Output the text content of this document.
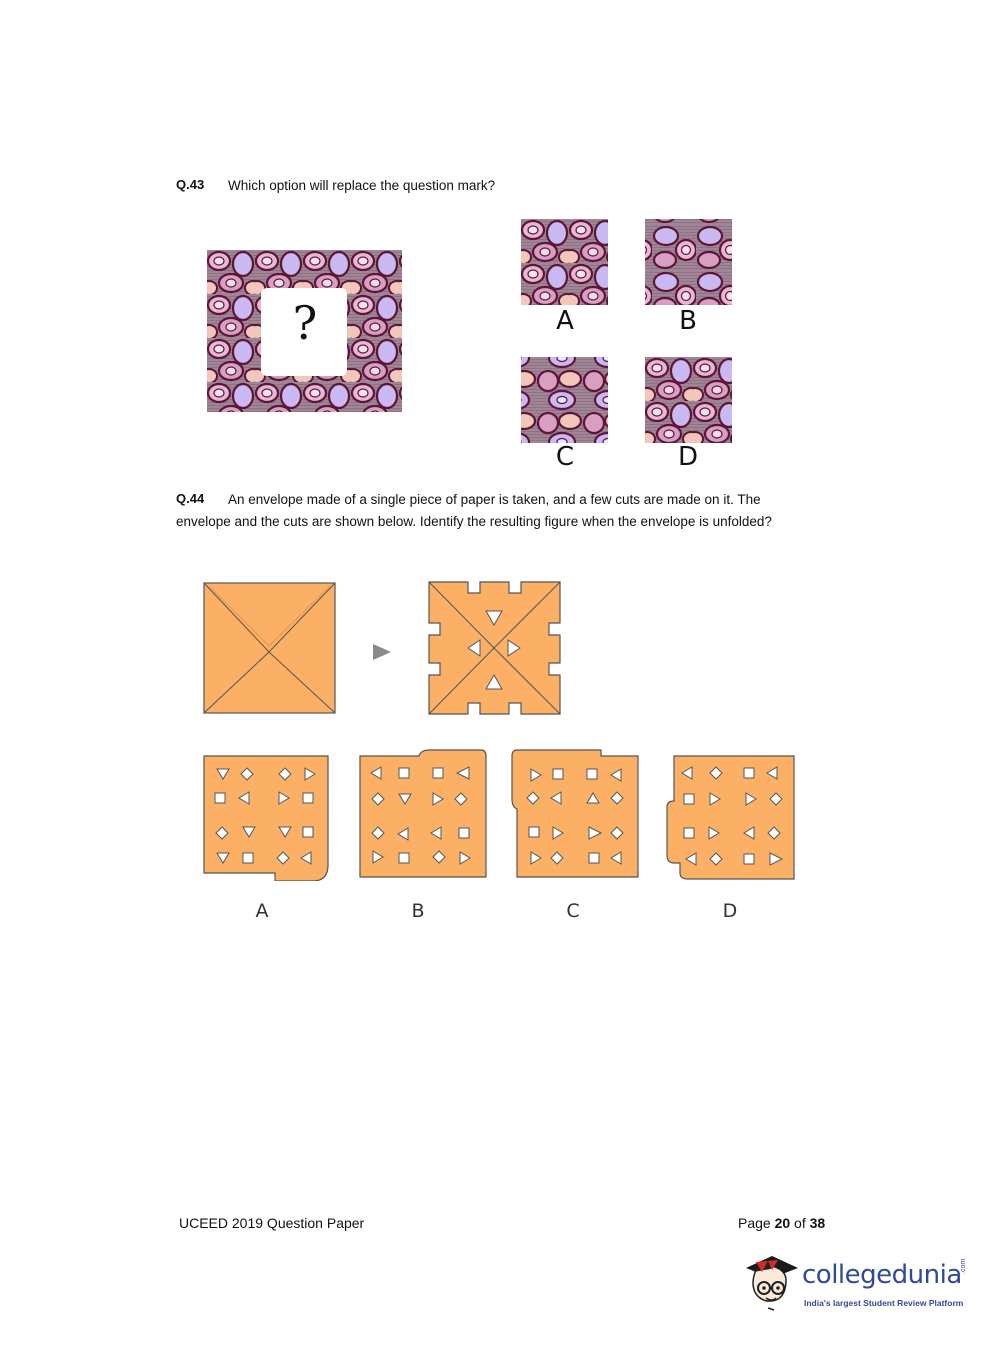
Q.43 Which option will replace the question mark?
?	A	B
C	D
Q.44 An envelope made of a single piece of paper is taken, and a few cuts are made on it. The
envelope and the cuts are shown below. Identify the resulting figure when the envelope is unfolded?
A	B	C	D
UCEED 2019 Question Paper	Page 20 of 38
collegedunia
.com
India's largest Student Review Platform
